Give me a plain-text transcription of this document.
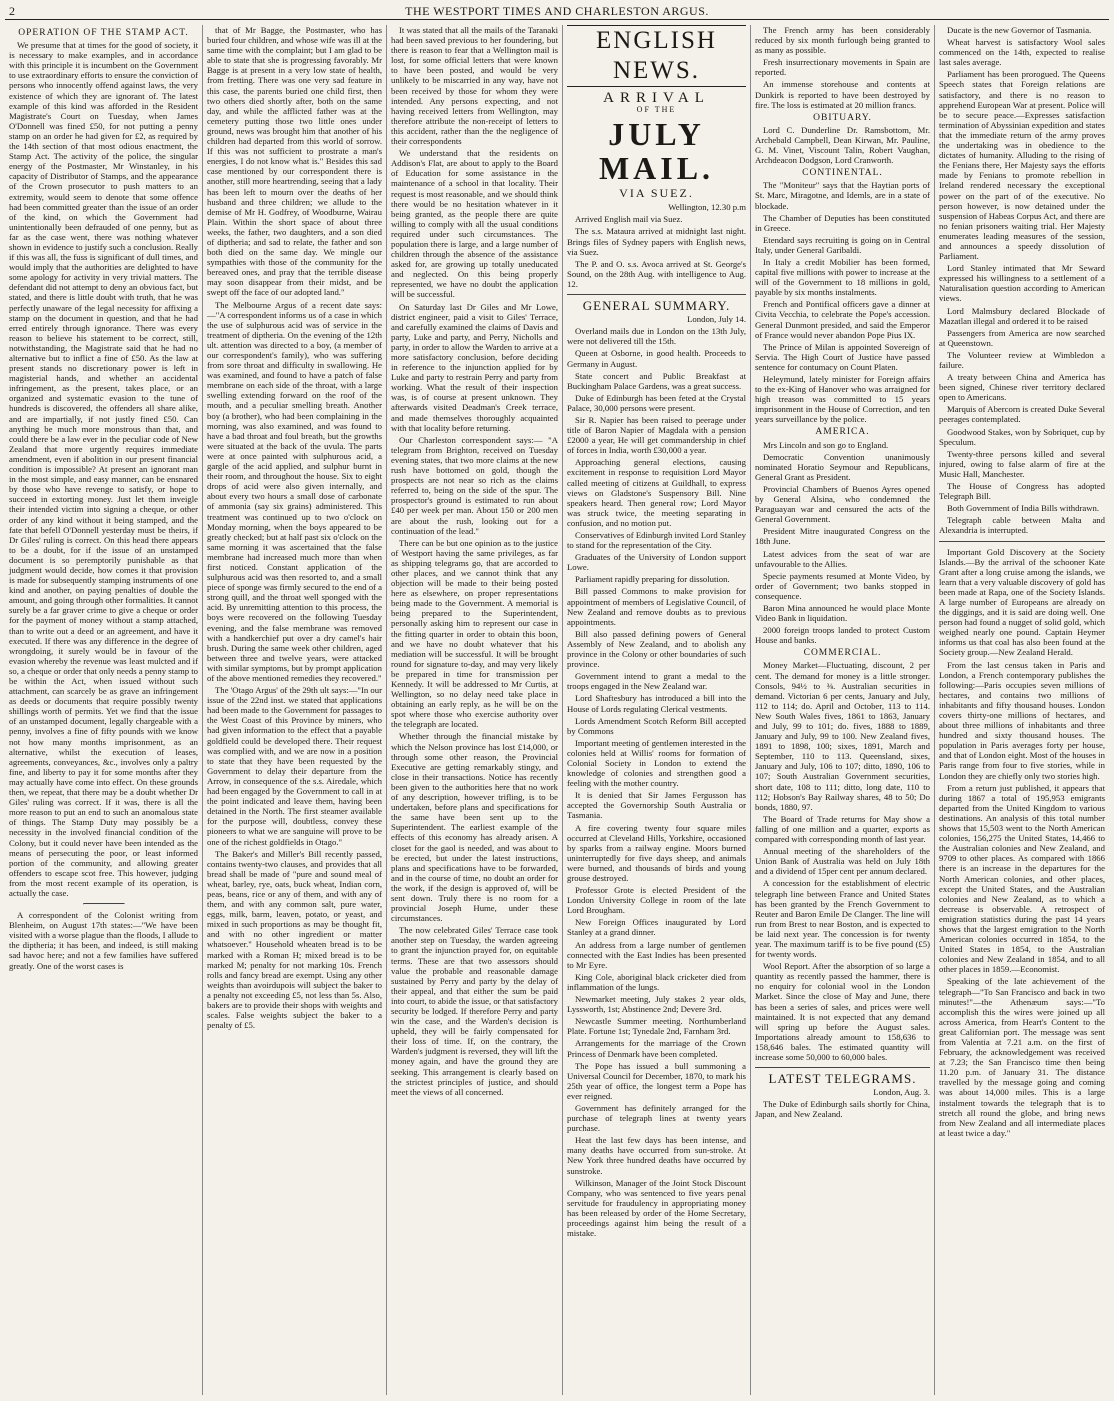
2	THE WESTPORT TIMES AND CHARLESTON ARGUS.
OPERATION OF THE STAMP ACT.

We presume that at times for the good of society, it is necessary to make examples, and in accordance with this principle it is incumbent on the Government to use extraordinary efforts to ensure the conviction of persons who innocently offend against laws, the very existence of which they are ignorant of. The latest example of this kind was afforded in the Resident Magistrate's Court on Tuesday, when James O'Donnell was fined £50, for not putting a penny stamp on an order he had given for £2, as required by the 14th section of that most odious enactment, the Stamp Act. The activity of the police, the singular energy of the Postmaster, Mr Winstanley, in his capacity of Distributor of Stamps, and the appearance of the Crown prosecutor to push matters to an extremity, would seem to denote that some offence had been committed greater than the issue of an order of the kind, on which the Government had unintentionally been defrauded of one penny, but as far as the case went, there was nothing whatever shown in evidence to justify such a conclusion. Really if this was all, the fuss is significant of dull times, and would imply that the authorities are delighted to have some apology for activity in very trivial matters. The defendant did not attempt to deny an obvious fact, but stated, and there is little doubt with truth, that he was perfectly unaware of the legal necessity for affixing a stamp on the document in question, and that he had erred entirely through ignorance. There was every reason to believe his statement to be correct, still, notwithstanding, the Magistrate said that he had no alternative but to inflict a fine of £50. As the law at present stands no discretionary power is left in magisterial hands, and whether an accidental infringement, as the present, takes place, or an organized and systematic evasion to the tune of hundreds is discovered, the offenders all share alike, and are impartially, if not justly fined £50. Can anything be much more monstrous than that, and could there be a law ever in the peculiar code of New Zealand that more urgently requires immediate amendment, even if abolition in our present financial condition is impossible? At present an ignorant man in the most simple, and easy manner, can be ensnared by those who have revenge to satisfy, or hope to succeed in extorting money. Just let them inveigle their intended victim into signing a cheque, or other order of any kind without it being stamped, and the fate that befell O'Donnell yesterday must be theirs, if Dr Giles' ruling is correct. On this head there appears to be a doubt, for if the issue of an unstamped document is so peremptorily punishable as that judgment would decide, how comes it that provision is made for subsequently stamping instruments of one kind and another, on paying penalties of double the amount, and going through other formalities. It cannot surely be a far graver crime to give a cheque or order for the payment of money without a stamp attached, than to write out a deed or an agreement, and have it executed. If there was any difference in the degree of wrongdoing, it surely would be in favour of the evasion whereby the revenue was least mulcted and if so, a cheque or order that only needs a penny stamp to be within the Act, when issued without such attachment, can scarcely be as grave an infringement as deeds or documents that require possibly twenty shillings worth of permits. Yet we find that the issue of an unstamped document, legally chargeable with a penny, involves a fine of fifty pounds with we know not how many months imprisonment, as an alternative, whilst the execution of leases, agreements, conveyances, &c., involves only a paltry fine, and liberty to pay it for some months after they may actually have come into effect. On these grounds then, we repeat, that there may be a doubt whether Dr Giles' ruling was correct. If it was, there is all the more reason to put an end to such an anomalous state of things. The Stamp Duty may possibly be a necessity in the involved financial condition of the Colony, but it could never have been intended as the means of persecuting the poor, or least informed portion of the community, and allowing greater offenders to escape scot free. This however, judging from the most recent example of its operation, is actually the case.

A correspondent of the Colonist writing from Blenheim, on August 17th states:—"We have been visited with a worse plague than the floods, I allude to the diptheria; it has been, and indeed, is still making sad havoc here; and not a few families have suffered greatly. One of the worst cases is

that of Mr Bagge, the Postmaster, who has buried four children, and whose wife was ill at the same time with the complaint; but I am glad to be able to state that she is progressing favorably. Mr Bagge is at present in a very low state of health, from fretting. There was one very sad feature in this case, the parents buried one child first, then two others died shortly after, both on the same day, and while the afflicted father was at the cemetery putting those two little ones under ground, news was brought him that another of his children had departed from this world of sorrow. If this was not sufficient to prostrate a man's energies, I do not know what is." Besides this sad case mentioned by our correspondent there is another, still more heartrending, seeing that a lady has been left to mourn over the deaths of her husband and three children; we allude to the demise of Mr H. Godfrey, of Woodburne, Wairau Plain. Within the short space of about three weeks, the father, two daughters, and a son died of diptheria; and sad to relate, the father and son both died on the same day. We mingle our sympathies with those of the community for the bereaved ones, and pray that the terrible disease may soon disappear from their midst, and be swept off the face of our adopted land."

The Melbourne Argus of a recent date says:—"A correspondent informs us of a case in which the use of sulphurous acid was of service in the treatment of diptheria. On the evening of the 12th ult. attention was directed to a boy, (a member of our correspondent's family), who was suffering from sore throat and difficulty in swallowing. He was examined, and found to have a patch of false membrane on each side of the throat, with a large swelling extending forward on the roof of the mouth, and a peculiar smelling breath. Another boy (a brother), who had been complaining in the morning, was also examined, and was found to have a bad throat and foul breath, but the growths were situated at the back of the uvula. The parts were at once painted with sulphurous acid, a gargle of the acid applied, and sulphur burnt in their room, and throughout the house. Six to eight drops of acid were also given internally, and about every two hours a small dose of carbonate of ammonia (say six grains) administered. This treatment was continued up to two o'clock on Monday morning, when the boys appeared to be greatly checked; but at half past six o'clock on the same morning it was ascertained that the false membrane had increased much more than when first noticed. Constant application of the sulphurous acid was then resorted to, and a small piece of sponge was firmly secured to the end of a strong quill, and the throat well sponged with the acid. By unremitting attention to this process, the boys were recovered on the following Tuesday evening, and the false membrane was removed with a handkerchief put over a dry camel's hair brush. During the same week other children, aged between three and twelve years, were attacked with similar symptoms, but by prompt application of the above mentioned remedies they recovered."

The 'Otago Argus' of the 29th ult says:—"In our issue of the 22nd inst. we stated that applications had been made to the Government for passages to the West Coast of this Province by miners, who had given information to the effect that a payable goldfield could be developed there. Their request was complied with, and we are now in a position to state that they have been requested by the Government to delay their departure from the Arrow, in consequence of the s.s. Airedale, which had been engaged by the Government to call in at the point indicated and leave them, having been detained in the North. The first steamer available for the purpose will, doubtless, convey these pioneers to what we are sanguine will prove to be one of the richest goldfields in Otago."

The Baker's and Miller's Bill recently passed, contains twenty-two clauses, and provides that all bread shall be made of "pure and sound meal of wheat, barley, rye, oats, buck wheat, Indian corn, peas, beans, rice or any of them, and with any of them, and with any common salt, pure water, eggs, milk, barm, leaven, potato, or yeast, and mixed in such proportions as may be thought fit, and with no other ingredient or matter whatsoever." Household wheaten bread is to be marked with a Roman H; mixed bread is to be marked M; penalty for not marking 10s. French rolls and fancy bread are exempt. Using any other weights than avoirdupois will subject the baker to a penalty not exceeding £5, not less than 5s. Also, bakers are to provide their shops with weights and scales. False weights subject the baker to a penalty of £5.

It was stated that all the mails of the Taranaki had been saved previous to her foundering, but there is reason to fear that a Wellington mail is lost, for some official letters that were known to have been posted, and would be very unlikely to be miscarried in any way, have not been received by those for whom they were intended. Any persons expecting, and not having received letters from Wellington, may therefore attribute the non-receipt of letters to this accident, rather than the the negligence of their correspondents

We understand that the residents on Addison's Flat, are about to apply to the Board of Education for some assistance in the maintenance of a school in that locality. Their request is most reasonable, and we should think there would be no hesitation whatever in it being granted, as the people there are quite willing to comply with all the usual conditions required under such circumstances. The population there is large, and a large number of children through the absence of the assistance asked for, are growing up totally uneducated and neglected. On this being properly represented, we have no doubt the application will be successful.

On Saturday last Dr Giles and Mr Lowe, district engineer, paid a visit to Giles' Terrace, and carefully examined the claims of Davis and party, Luke and party, and Perry, Nicholls and party, in order to allow the Warden to arrive at a more satisfactory conclusion, before deciding in reference to the injunction applied for by Luke and party to restrain Perry and party from working. What the result of their inspection was, is of course at present unknown. They afterwards visited Deadman's Creek terrace, and made themselves thoroughly acquainted with that locality before returning.

Our Charleston correspondent says:— "A telegram from Brighton, received on Tuesday evening states, that two more claims at the new rush have bottomed on gold, though the prospects are not near so rich as the claims referred to, being on the side of the spur. The prospector's ground is estimated to run about £40 per week per man. About 150 or 200 men are about the rush, looking out for a continuation of the lead."

There can be but one opinion as to the justice of Westport having the same privileges, as far as shipping telegrams go, that are accorded to other places, and we cannot think that any objection will be made to their being posted here as elsewhere, on proper representations being made to the Government. A memorial is being prepared to the Superintendent, personally asking him to represent our case in the fitting quarter in order to obtain this boon, and we have no doubt whatever that his mediation will be successful. It will be brought round for signature to-day, and may very likely be prepared in time for transmission per Kennedy. It will be addressed to Mr Curtis, at Wellington, so no delay need take place in obtaining an early reply, as he will be on the spot where those who exercise authority over the telegraph are located.

Whether through the financial mistake by which the Nelson province has lost £14,000, or through some other reason, the Provincial Executive are getting remarkably stingy, and close in their transactions. Notice has recently been given to the authorities here that no work of any description, however trifling, is to be undertaken, before plans and specifications for the same have been sent up to the Superintendent. The earliest example of the effects of this economy has already arisen. A closet for the gaol is needed, and was about to be erected, but under the latest instructions, plans and specifications have to be forwarded, and in the course of time, no doubt an order for the work, if the design is approved of, will be sent down. Truly there is no room for a provincial Joseph Hume, under these circumstances.

The now celebrated Giles' Terrace case took another step on Tuesday, the warden agreeing to grant the injunction prayed for, on equitable terms. These are that two assessors should value the probable and reasonable damage sustained by Perry and party by the delay of their appeal, and that either the sum be paid into court, to abide the issue, or that satisfactory security be lodged. If therefore Perry and party win the case, and the Warden's decision is upheld, they will be fairly compensated for their loss of time. If, on the contrary, the Warden's judgment is reversed, they will lift the money again, and have the ground they are seeking. This arrangement is clearly based on the strictest principles of justice, and should meet the views of all concerned.

ENGLISH NEWS.
ARRIVAL
OF THE
JULY MAIL.
VIA SUEZ.

Wellington, 12.30 p.m

Arrived English mail via Suez.

The s.s. Mataura arrived at midnight last night. Brings files of Sydney papers with English news, via Suez.

The P. and O. s.s. Avoca arrived at St. George's Sound, on the 28th Aug. with intelligence to Aug. 12.

GENERAL SUMMARY.

London, July 14.

Overland mails due in London on the 13th July, were not delivered till the 15th.

Queen at Osborne, in good health. Proceeds to Germany in August.

State concert and Public Breakfast at Buckingham Palace Gardens, was a great success.

Duke of Edinburgh has been feted at the Crystal Palace, 30,000 persons were present.

Sir R. Napier has been raised to peerage under title of Baron Napier of Magdala with a pension £2000 a year, He will get commandership in chief of forces in India, worth £30,000 a year.

Approaching general elections, causing excitement in response to requisition Lord Mayor called meeting of citizens at Guildhall, to express views on Gladstone's Suspensory Bill. Nine speakers heard. Then general row; Lord Mayor was struck twice, the meeting separating in confusion, and no motion put.

Conservatives of Edinburgh invited Lord Stanley to stand for the representation of the City.

Graduates of the University of London support Lowe.

Parliament rapidly preparing for dissolution.

Bill passed Commons to make provision for appointment of members of Legislative Council, of New Zealand and remove doubts as to previous appointments.

Bill also passed defining powers of General Assembly of New Zealand, and to abolish any province in the Colony or other boundaries of such province.

Government intend to grant a medal to the troops engaged in the New Zealand war.

Lord Shaftesbury has introduced a bill into the House of Lords regulating Clerical vestments.

Lords Amendment Scotch Reform Bill accepted by Commons

Important meeting of gentlemen interested in the colonies held at Willis' rooms for formation of Colonial Society in London to extend the knowledge of colonies and strengthen good a feeling with the mother country.

It is denied that Sir James Fergusson has accepted the Governorship South Australia or Tasmania.

A fire covering twenty four square miles occurred at Cleveland Hills, Yorkshire, occasioned by sparks from a railway engine. Moors burned uninterruptedly for five days sheep, and animals were burned, and thousands of birds and young grouse destroyed.

Professor Grote is elected President of the London University College in room of the late Lord Brougham.

New Foreign Offices inaugurated by Lord Stanley at a grand dinner.

An address from a large number of gentlemen connected with the East Indies has been presented to Mr Eyre.

King Cole, aboriginal black cricketer died from inflammation of the lungs.

Newmarket meeting, July stakes 2 year olds, Lyssworth, 1st; Abstinence 2nd; Devere 3rd.

Newcastle Summer meeting. Northumberland Plate. Fortune 1st; Tynedale 2nd, Farnham 3rd.

Arrangements for the marriage of the Crown Princess of Denmark have been completed.

The Pope has issued a bull summoning a Universal Council for December, 1870, to mark his 25th year of office, the longest term a Pope has ever reigned.

Government has definitely arranged for the purchase of telegraph lines at twenty years purchase.

Heat the last few days has been intense, and many deaths have occurred from sun-stroke. At New York three hundred deaths have occurred by sunstroke.

Wilkinson, Manager of the Joint Stock Discount Company, who was sentenced to five years penal servitude for fraudulency in appropriating money has been released by order of the Home Secretary, proceedings against him being the result of a mistake.

The French army has been considerably reduced by six month furlough being granted to as many as possible.

Fresh insurrectionary movements in Spain are reported.

An immense storehouse and contents at Dunkirk is reported to have been destroyed by fire. The loss is estimated at 20 million francs.

OBITUARY.

Lord C. Dunderline Dr. Ramsbottom, Mr. Archebald Campbell, Dean Kirwan, Mr. Pauline, G. M. Vinet, Viscount Talin, Robert Vaughan, Archdeacon Dodgson, Lord Cranworth.

CONTINENTAL.

The "Moniteur" says that the Haytian ports of St. Marc, Miragotne, and Idemls, are in a state of blockade.

The Chamber of Deputies has been constituted in Greece.

Etendard says recruiting is going on in Central Italy, under General Garibaldi.

In Italy a credit Mobilier has been formed, capital five millions with power to increase at the will of the Government to 18 millions in gold, payable by six months instalments.

French and Pontifical officers gave a dinner at Civita Vecchia, to celebrate the Pope's accession. General Dunmont presided, and said the Emperor of France would never abandon Pope Pius IX.

The Prince of Milan is appointed Sovereign of Servia. The High Court of Justice have passed sentence for contumacy on Count Platen.

Heleymund, lately minister for Foreign affairs to the ex-King of Hanover who was arraigned for high treason was committed to 15 years imprisonment in the House of Correction, and ten years surveillance by the police.

AMERICA.

Mrs Lincoln and son go to England.

Democratic Convention unanimously nominated Horatio Seymour and Republicans, General Grant as President.

Provincial Chambers of Buenos Ayres opened by General Alsina, who condemned the Paraguayan war and censured the acts of the General Government.

President Mitre inaugurated Congress on the 18th June.

Latest advices from the seat of war are unfavourable to the Allies.

Specie payments resumed at Monte Video, by order of Government; two banks stopped in consequence.

Baron Mina announced he would place Monte Video Bank in liquidation.

2000 foreign troops landed to protect Custom House and banks.

COMMERCIAL.

Money Market—Fluctuating, discount, 2 per cent. The demand for money is a little stronger. Consols, 94½ to ⅜. Australian securities in demand. Victorian 6 per cents, January and July, 112 to 114; do. April and October, 113 to 114. New South Wales fives, 1861 to 1863, January and July, 99 to 101; do. fives, 1888 to 1889, January and July, 99 to 100. New Zealand fives, 1891 to 1898, 100; sixes, 1891, March and September, 110 to 113. Queensland, sixes, January and July, 106 to 107; ditto, 1890, 106 to 107; South Australian Government securities, short date, 108 to 111; ditto, long date, 110 to 112; Hobson's Bay Railway shares, 48 to 50; Do bonds, 1880, 97.

The Board of Trade returns for May show a falling of one million and a quarter, exports as compared with corresponding month of last year.

Annual meeting of the shareholders of the Union Bank of Australia was held on July 18th and a dividend of 15per cent per annum declared.

A concession for the establishment of electric telegraph line between France and United States has been granted by the French Government to Reuter and Baron Emile De Clanger. The line will run from Brest to near Boston, and is expected to be laid next year. The concession is for twenty year. The maximum tariff is to be five pound (£5) for twenty words.

Wool Report. After the absorption of so large a quantity as recently passed the hammer, there is no enquiry for colonial wool in the London Market. Since the close of May and June, there has been a series of sales, and prices were well maintained. It is not expected that any demand will spring up before the August sales. Importations already amount to 158,636 to 158,646 bales. The estimated quantity will increase some 50,000 to 60,000 bales.

LATEST TELEGRAMS.

London, Aug. 3.

The Duke of Edinburgh sails shortly for China, Japan, and New Zealand.

Ducate is the new Governor of Tasmania.

Wheat harvest is satisfactory Wool sales commenced on the 14th, expected to realise last sales average.

Parliament has been prorogued. The Queens Speech states that Foreign relations are satisfactory, and there is no reason to apprehend European War at present. Police will be to secure peace.—Expresses satisfaction termination of Abyssinian expedition and states that the immediate return of the army proves the undertaking was in obedience to the dictates of humanity. Alluding to the rising of the Fenians there, Her Majesty says the efforts made by Fenians to promote rebellion in Ireland rendered necessary the exceptional power on the part of of the executive. No person however, is now detained under the suspension of Habeas Corpus Act, and there are no fenian prisoners waiting trial. Her Majesty enumerates leading measures of the session, and announces a speedy dissolution of Parliament.

Lord Stanley intimated that Mr Seward expressed his willingness to a settlement of a Naturalisation question according to American views.

Lord Malmsbury declared Blockade of Mazatlan illegal and ordered it to be raised

Passengers from America are now searched at Queenstown.

The Volunteer review at Wimbledon a failure.

A treaty between China and America has been signed, Chinese river territory declared open to Americans.

Marquis of Abercorn is created Duke Several peerages contemplated.

Goodwood Stakes, won by Sobriquet, cup by Speculum.

Twenty-three persons killed and several injured, owing to false alarm of fire at the Music Hall, Manchester.

The House of Congress has adopted Telegraph Bill.

Both Government of India Bills withdrawn.

Telegraph cable between Malta and Alexandria is interrupted.

Important Gold Discovery at the Society Islands.—By the arrival of the schooner Kate Grant after a long cruise among the islands, we learn that a very valuable discovery of gold has been made at Rapa, one of the Society Islands. A large number of Europeans are already on the diggings, and it is said are doing well. One person had found a nugget of solid gold, which weighed nearly one pound. Captain Heymer informs us that coal has also been found at the Society group.—New Zealand Herald.

From the last census taken in Paris and London, a French contemporary publishes the following:—Paris occupies seven millions of hectares, and contains two millions of inhabitants and fifty thousand houses. London covers thirty-one millions of hectares, and about three millions of inhabitants and three hundred and sixty thousand houses. The population in Paris averages forty per house, and that of London eight. Most of the houses in Paris range from four to five stories, while in London they are chiefly only two stories high.

From a return just published, it appears that during 1867 a total of 195,953 emigrants departed from the United Kingdom to various destinations. An analysis of this total number shows that 15,503 went to the North American colonies, 156,275 the United States, 14,466 to the Australian colonies and New Zealand, and 9709 to other places. As compared with 1866 there is an increase in the departures for the North American colonies, and other places, except the United States, and the Australian colonies and New Zealand, as to which a decrease is observable. A retrospect of emigration statistics during the past 14 years shows that the largest emigration to the North American colonies occurred in 1854, to the United States in 1854, to the Australian colonies and New Zealand in 1854, and to all other places in 1859.—Economist.

Speaking of the late achievement of the telegraph—"To San Francisco and back in two minutes!"—the Athenæum says:—"To accomplish this the wires were joined up all across America, from Heart's Content to the great Californian port. The message was sent from Valentia at 7.21 a.m. on the first of February, the acknowledgement was received at 7.23; the San Francisco time then being 11.20 p.m. of January 31. The distance travelled by the message going and coming was about 14,000 miles. This is a large instalment towards the telegraph that is to stretch all round the globe, and bring news from New Zealand and all intermediate places at least twice a day."
